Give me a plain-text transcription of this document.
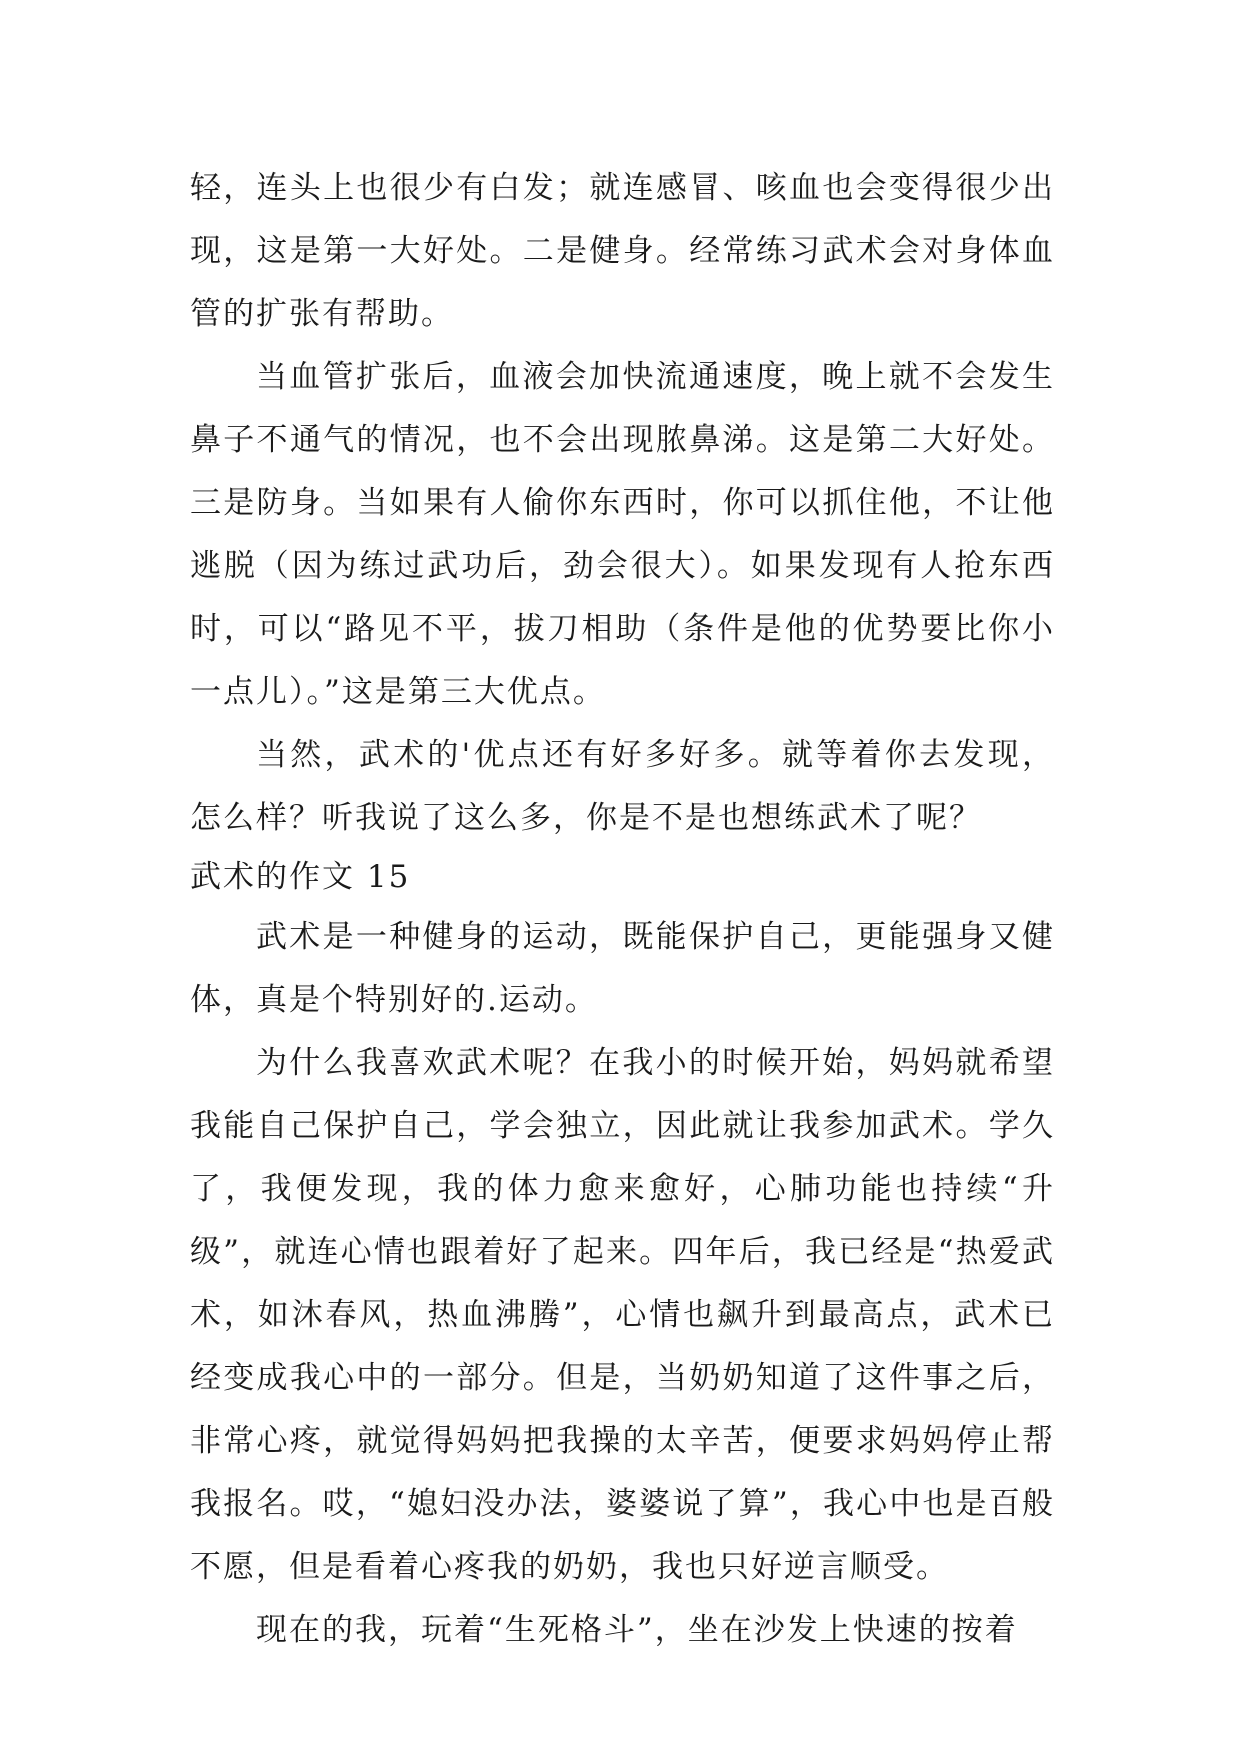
轻，连头上也很少有白发；就连感冒、咳血也会变得很少出现，这是第一大好处。二是健身。经常练习武术会对身体血管的扩张有帮助。

当血管扩张后，血液会加快流通速度，晚上就不会发生鼻子不通气的情况，也不会出现脓鼻涕。这是第二大好处。三是防身。当如果有人偷你东西时，你可以抓住他，不让他逃脱（因为练过武功后，劲会很大）。如果发现有人抢东西时，可以“路见不平，拔刀相助（条件是他的优势要比你小一点儿）。”这是第三大优点。

当然，武术的'优点还有好多好多。就等着你去发现，怎么样？听我说了这么多，你是不是也想练武术了呢？

武术的作文 15

武术是一种健身的运动，既能保护自己，更能强身又健体，真是个特别好的.运动。

为什么我喜欢武术呢？在我小的时候开始，妈妈就希望我能自己保护自己，学会独立，因此就让我参加武术。学久了，我便发现，我的体力愈来愈好，心肺功能也持续“升级”，就连心情也跟着好了起来。四年后，我已经是“热爱武术，如沐春风，热血沸腾”，心情也飙升到最高点，武术已经变成我心中的一部分。但是，当奶奶知道了这件事之后，非常心疼，就觉得妈妈把我操的太辛苦，便要求妈妈停止帮我报名。哎，“媳妇没办法，婆婆说了算”，我心中也是百般不愿，但是看着心疼我的奶奶，我也只好逆言顺受。

现在的我，玩着“生死格斗”，坐在沙发上快速的按着
